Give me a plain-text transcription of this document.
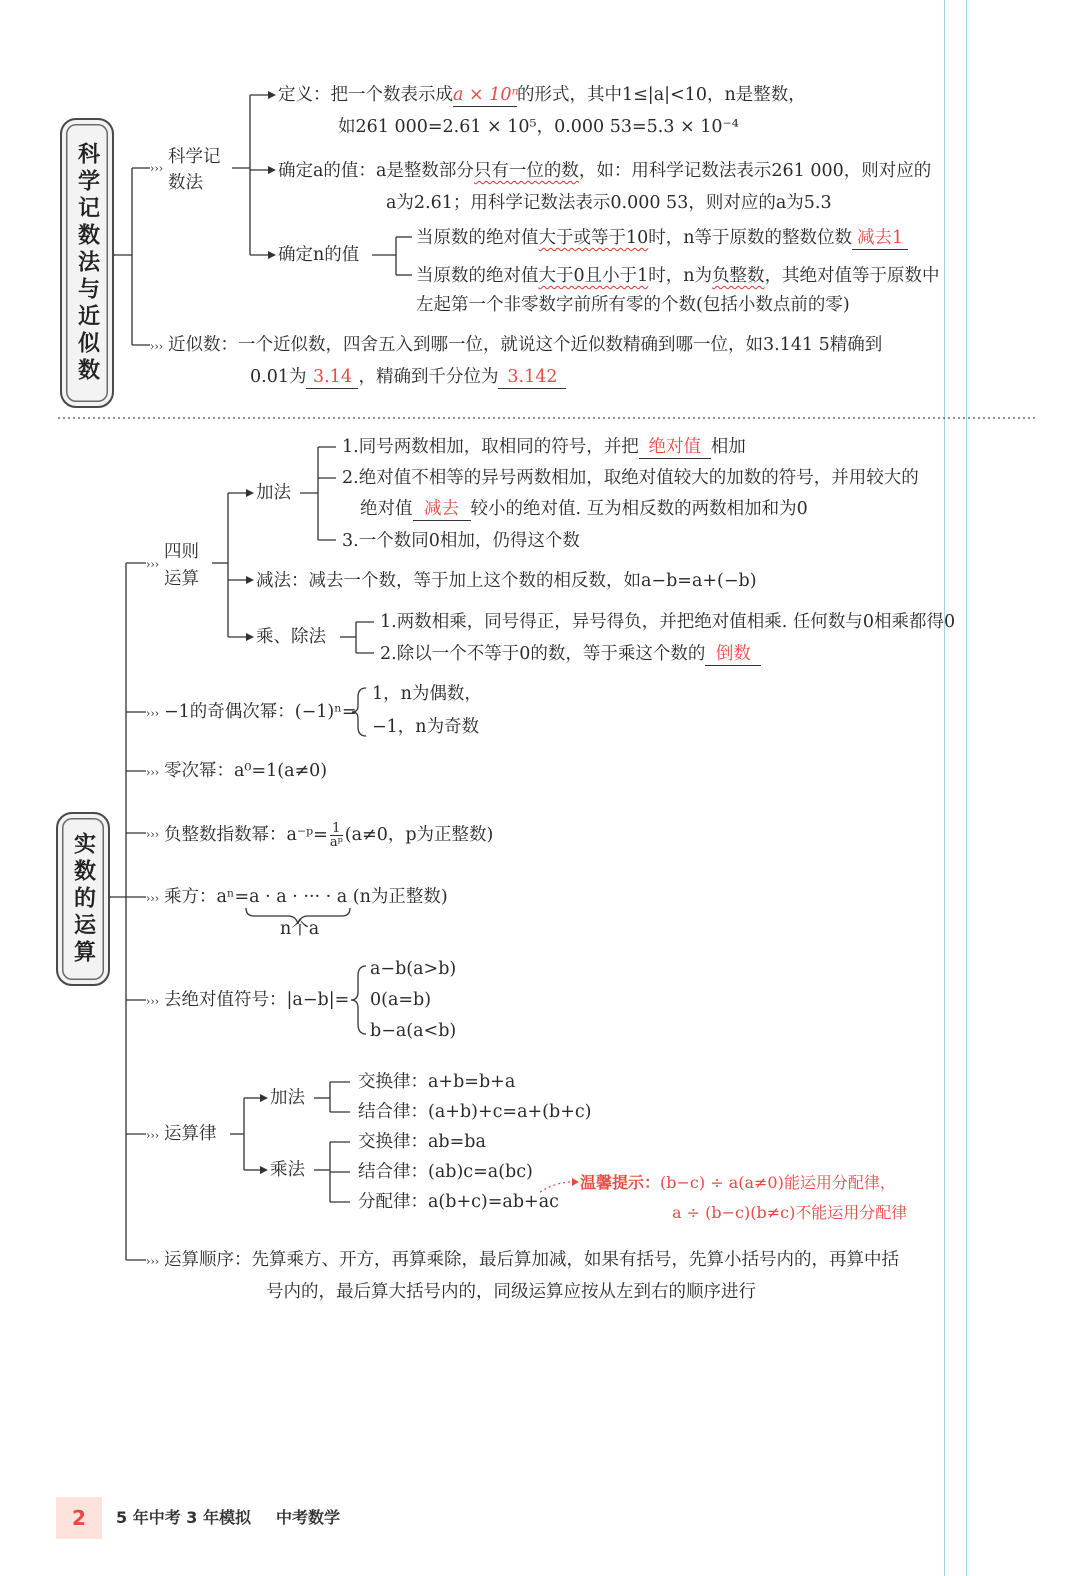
科学记数法与近似数	›››
科学记
数法
定义：把一个数表示成a × 10ⁿ的形式，其中1≤|a|<10，n是整数，
如261 000=2.61 × 10⁵，0.000 53=5.3 × 10⁻⁴
确定a的值：a是整数部分只有一位的数，如：用科学记数法表示261 000，则对应的
a为2.61；用科学记数法表示0.000 53，则对应的a为5.3
确定n的值
当原数的绝对值大于或等于10时，n等于原数的整数位数 减去1
当原数的绝对值大于0且小于1时，n为负整数，其绝对值等于原数中
左起第一个非零数字前所有零的个数(包括小数点前的零)
››› 近似数：一个近似数，四舍五入到哪一位，就说这个近似数精确到哪一位，如3.141 5精确到
0.01为 3.14 ，精确到千分位为 3.142
实数的运算
›››
四则
运算
加法
1.同号两数相加，取相同的符号，并把 绝对值 相加
2.绝对值不相等的异号两数相加，取绝对值较大的加数的符号，并用较大的
绝对值 减去 较小的绝对值. 互为相反数的两数相加和为0
3.一个数同0相加，仍得这个数
减法：减去一个数，等于加上这个数的相反数，如a−b=a+(−b)
乘、除法
1.两数相乘，同号得正，异号得负，并把绝对值相乘. 任何数与0相乘都得0
2.除以一个不等于0的数，等于乘这个数的 倒数
››› −1的奇偶次幂：(−1)ⁿ=
1，n为偶数，
−1，n为奇数
››› 零次幂：a⁰=1(a≠0)
››› 负整数指数幂：a⁻ᵖ= $\frac{1}{\text{aᵖ}} (a\ne 0$，p为正整数)
››› 乘方：aⁿ=a · a · ··· · a (n为正整数)
n个a
››› 去绝对值符号：|a−b|=
a−b(a>b)
0(a=b)
b−a(a<b)
››› 运算律
加法
交换律：a+b=b+a
结合律：(a+b)+c=a+(b+c)
乘法
交换律：ab=ba
结合律：(ab)c=a(bc)
分配律：a(b+c)=ab+ac
温馨提示：(b−c) ÷ a(a≠0)能运用分配律，
a ÷ (b−c)(b≠c)不能运用分配律
››› 运算顺序：先算乘方、开方，再算乘除，最后算加减，如果有括号，先算小括号内的，再算中括
号内的，最后算大括号内的，同级运算应按从左到右的顺序进行
2	5 年中考 3 年模拟 中考数学
